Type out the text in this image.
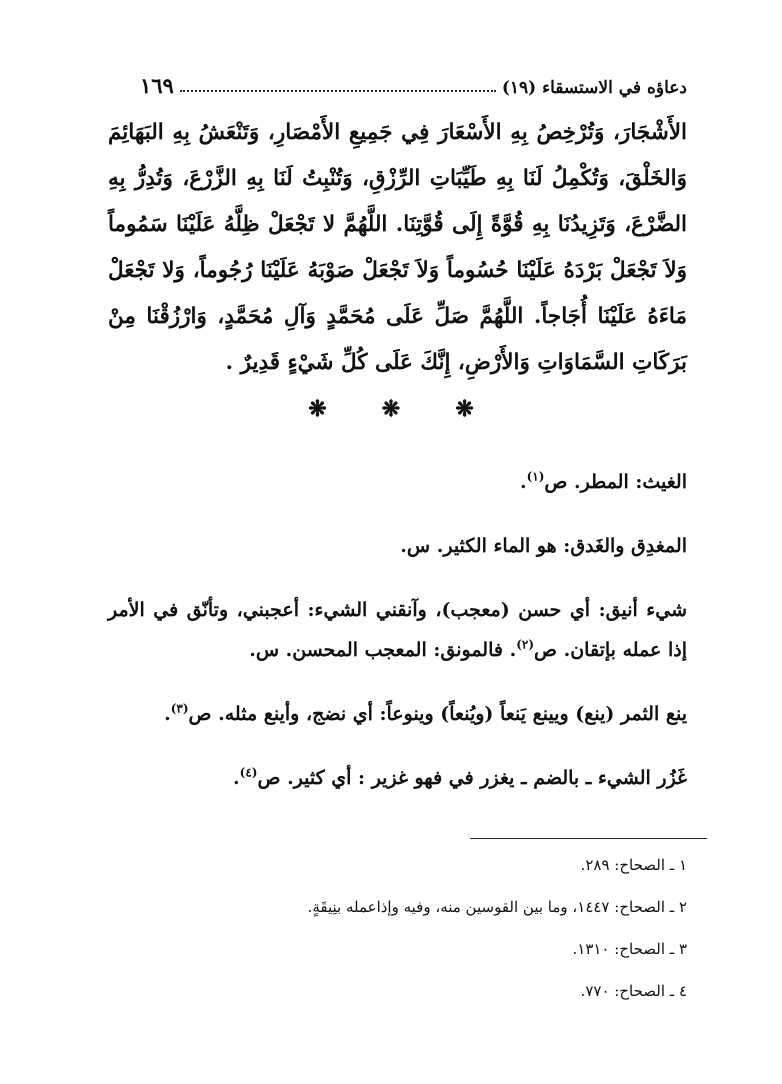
دعاؤه في الاستسقاء (١٩)
١٦٩
الأَشْجَارَ، وَتُرْخِصُ بِهِ الأَسْعَارَ فِي جَمِيعِ الأَمْصَارِ، وَتَنْعَشُ بِهِ البَهَائِمَ وَالخَلْقَ، وَتُكْمِلُ لَنَا بِهِ طَيِّبَاتِ الرِّزْقِ، وَتُنْبِتُ لَنَا بِهِ الزَّرْعَ، وَتُدِرُّ بِهِ الضَّرْعَ، وَتَزِيدُنَا بِهِ قُوَّةً إِلَى قُوَّتِنَا. اللَّهُمَّ لا تَجْعَلْ ظِلَّهُ عَلَيْنَا سَمُوماً وَلاَ تَجْعَلْ بَرْدَهُ عَلَيْنَا حُسُوماً وَلاَ تَجْعَلْ صَوْبَهُ عَلَيْنَا رُجُوماً، وَلا تَجْعَلْ مَاءَهُ عَلَيْنَا أُجَاجاً. اللَّهُمَّ صَلِّ عَلَى مُحَمَّدٍ وَآلِ مُحَمَّدٍ، وَارْزُقْنَا مِنْ بَرَكَاتِ السَّمَاوَاتِ وَالأَرْضِ، إِنَّكَ عَلَى كُلِّ شَيْءٍ قَدِيرٌ .
❋	❋	❋

الغيث: المطر. ص$^{(١)}$.

المغدِق والغَدق: هو الماء الكثير. س.

شيء أنيق: أي حسن (معجب)، وآنقني الشيء: أعجبني، وتأنّق في الأمر إذا عمله بإتقان. ص$^{(٢)}$. فالمونق: المعجب المحسن. س.

ينع الثمر (ينع) ويينع يَنعاً (ويُنعاً) وينوعاً: أي نضج، وأينع مثله. ص$^{(٣)}$.

غَزُر الشيء ـ بالضم ـ يغزر في فهو غزير : أي كثير. ص$^{(٤)}$.

١ ـ الصحاح: ٢٨٩.
٢ ـ الصحاح: ١٤٤٧، وما بين القوسين منه، وفيه وإذاعمله بنِيقَةٍ.
٣ ـ الصحاح: ١٣١٠.
٤ ـ الصحاح: ٧٧٠.
